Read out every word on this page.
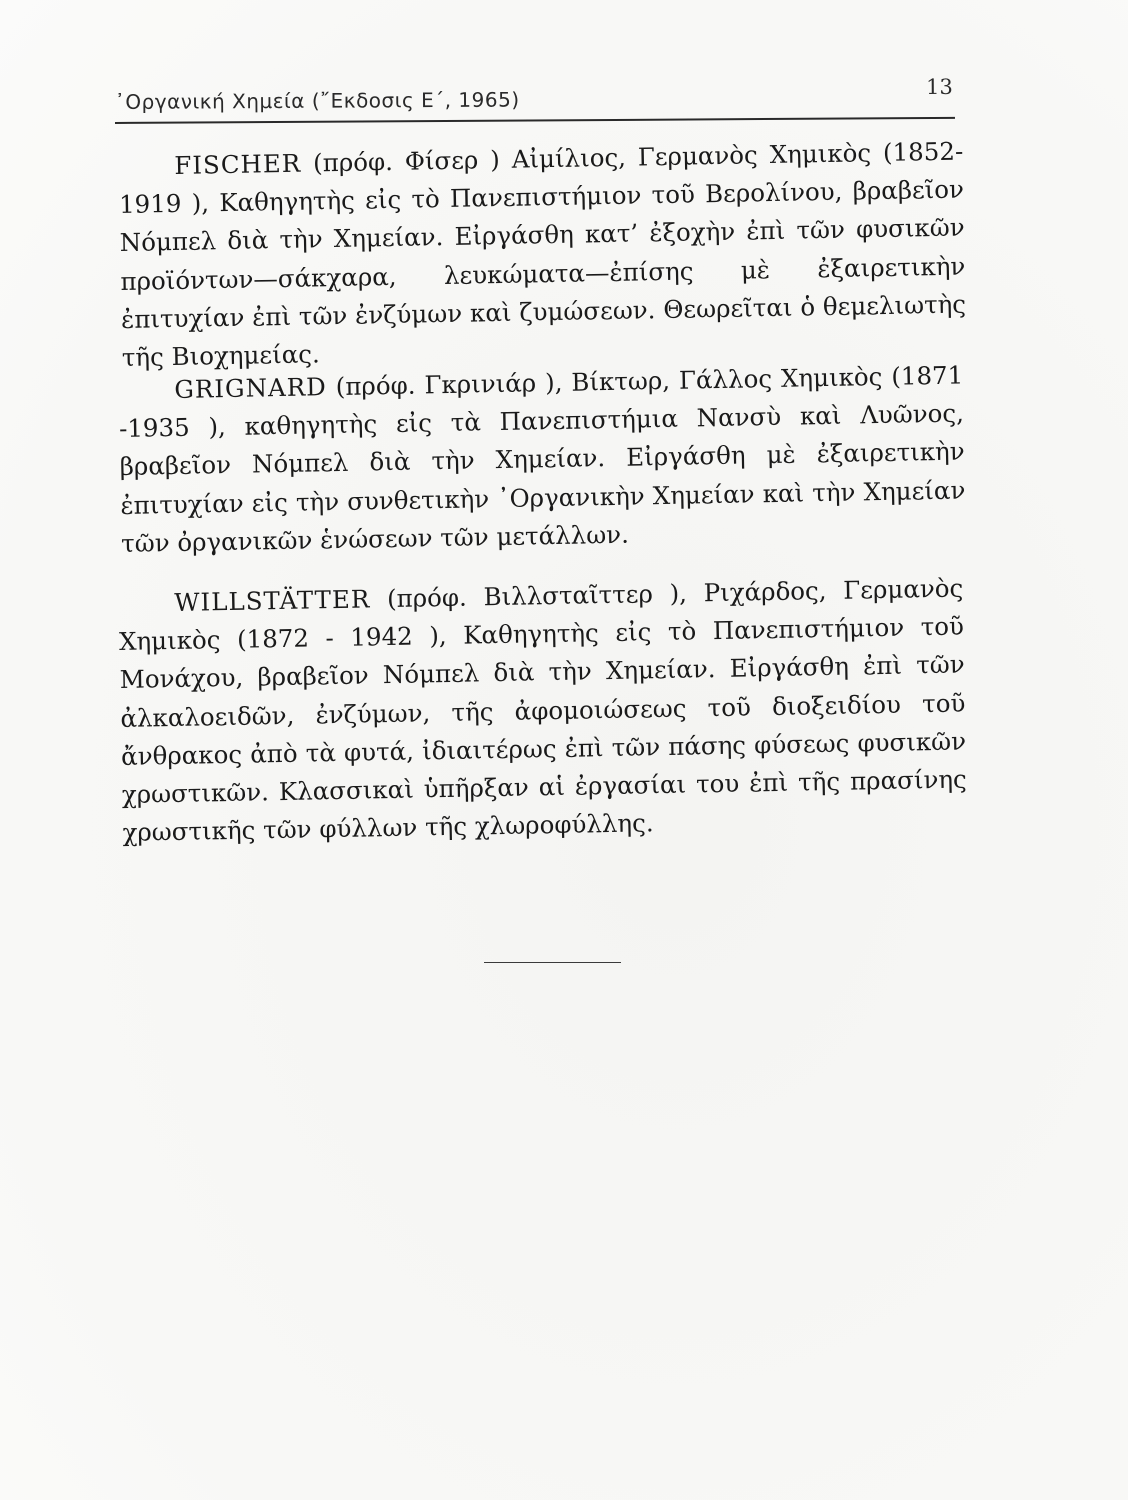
᾿Οργανική Χημεία (῎Εκδοσις Ε΄, 1965)
13

FISCHER (πρόφ. Φίσερ ) Αἰμίλιος, Γερμανὸς Χημικὸς (1852-1919 ), Καθηγητὴς εἰς τὸ Πανεπιστήμιον τοῦ Βερολίνου, βραβεῖον Νόμπελ διὰ τὴν Χημείαν. Εἰργάσθη κατ’ ἐξοχὴν ἐπὶ τῶν φυσικῶν προϊόντων—σάκχαρα, λευκώματα—ἐπίσης μὲ ἐξαιρετικὴν ἐπιτυχίαν ἐπὶ τῶν ἐνζύμων καὶ ζυμώσεων. Θεωρεῖται ὁ θεμελιωτὴς τῆς Βιοχημείας.

GRIGNARD (πρόφ. Γκρινιάρ ), Βίκτωρ, Γάλλος Χημικὸς (1871 -1935 ), καθηγητὴς εἰς τὰ Πανεπιστήμια Νανσὺ καὶ Λυῶνος, βραβεῖον Νόμπελ διὰ τὴν Χημείαν. Εἰργάσθη μὲ ἐξαιρετικὴν ἐπιτυχίαν εἰς τὴν συνθετικὴν ᾿Οργανικὴν Χημείαν καὶ τὴν Χημείαν τῶν ὀργανικῶν ἑνώσεων τῶν μετάλλων.

WILLSTÄTTER (πρόφ. Βιλλσταῖττερ ), Ριχάρδος, Γερμανὸς Χημικὸς (1872 - 1942 ), Καθηγητὴς εἰς τὸ Πανεπιστήμιον τοῦ Μονάχου, βραβεῖον Νόμπελ διὰ τὴν Χημείαν. Εἰργάσθη ἐπὶ τῶν ἀλκαλοειδῶν, ἐνζύμων, τῆς ἀφομοιώσεως τοῦ διοξειδίου τοῦ ἄνθρακος ἀπὸ τὰ φυτά, ἰδιαιτέρως ἐπὶ τῶν πάσης φύσεως φυσικῶν χρωστικῶν. Κλασσικαὶ ὑπῆρξαν αἱ ἐργασίαι του ἐπὶ τῆς πρασίνης χρωστικῆς τῶν φύλλων τῆς χλωροφύλλης.
